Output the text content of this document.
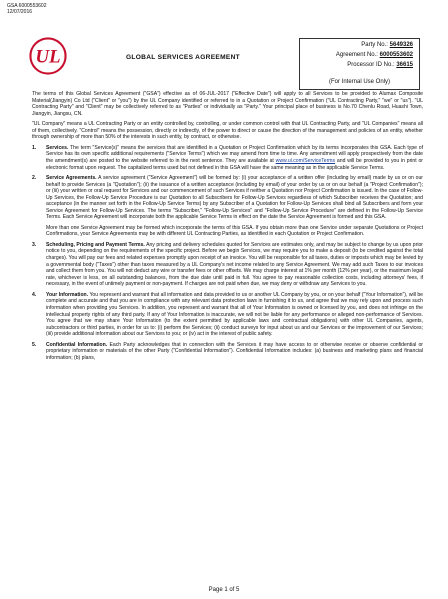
GSA 6000553602
12/07/2016
UL	GLOBAL SERVICES AGREEMENT
Party No.: 5649326
Agreement No.: 6000553602
Processor ID No.: 36615
(For Internal Use Only)

The terms of this Global Services Agreement ("GSA") effective as of 06-JUL-2017 ("Effective Date") will apply to all Services to be provided to Alumax Composite Material(Jiangyin) Co Ltd ("Client" or "you") by the UL Company identified or referred to in a Quotation or Project Confirmation ("UL Contracting Party," "we" or "us"). "UL Contracting Party" and "Client" may be collectively referred to as "Parties" or individually as "Party." Your principal place of business is No.70 Chenlu Road, Huashi Town, Jiangyin, Jiangsu, CN.

"UL Company" means a UL Contracting Party or an entity controlled by, controlling, or under common control with that UL Contracting Party, and "UL Companies" means all of them, collectively. "Control" means the possession, directly or indirectly, of the power to direct or cause the direction of the management and policies of an entity, whether through ownership of more than 50% of the interests in such entity, by contract, or otherwise.

1. Services. The term "Service(s)" means the services that are identified in a Quotation or Project Confirmation which by its terms incorporates this GSA. Each type of Service has its own specific additional requirements ("Service Terms") which we may amend from time to time. Any amendment will apply prospectively from the date the amendment(s) are posted to the website referred to in the next sentence. They are available at www.ul.com/ServiceTerms and will be provided to you in print or electronic format upon request. The capitalized terms used but not defined in this GSA will have the same meaning as in the applicable Service Terms.
2. Service Agreements. A service agreement ("Service Agreement") will be formed by: (i) your acceptance of a written offer (including by email) made by us or on our behalf to provide Services (a "Quotation"); (ii) the issuance of a written acceptance (including by email) of your order by us or on our behalf (a "Project Confirmation"); or (iii) your written or oral request for Services and our commencement of such Services if neither a Quotation nor Project Confirmation is issued. In the case of Follow-Up Services, the Follow-Up Service Procedure is our Quotation to all Subscribers for Follow-Up Services regardless of which Subscriber receives the Quotation; and acceptance (in the manner set forth in the Follow-Up Service Terms) by any Subscriber of a Quotation for Follow-Up Services shall bind all Subscribers and form your Service Agreement for Follow-Up Services. The terms "Subscriber," "Follow-Up Services" and "Follow-Up Service Procedure" are defined in the Follow-Up Service Terms. Each Service Agreement will incorporate both the applicable Service Terms in effect on the date the Service Agreement is formed and this GSA.
More than one Service Agreement may be formed which incorporate the terms of this GSA. If you obtain more than one Service under separate Quotations or Project Confirmations, your Service Agreements may be with different UL Contracting Parties, as identified in each Quotation or Project Confirmation.
3. Scheduling, Pricing and Payment Terms. Any pricing and delivery schedules quoted for Services are estimates only, and may be subject to change by us upon prior notice to you, depending on the requirements of the specific project. Before we begin Services, we may require you to make a deposit (to be credited against the total charges). You will pay our fees and related expenses promptly upon receipt of an invoice. You will be responsible for all taxes, duties or imposts which may be levied by a governmental body ("Taxes") other than taxes measured by a UL Company's net income related to any Service Agreement. We may add such Taxes to our invoices and collect them from you. You will not deduct any wire or transfer fees or other offsets. We may charge interest at 1% per month (12% per year), or the maximum legal rate, whichever is less, on all outstanding balances, from the due date until paid in full. You agree to pay reasonable collection costs, including attorneys' fees, if necessary, in the event of untimely payment or non-payment. If charges are not paid when due, we may deny or withdraw any Services to you.
4. Your Information. You represent and warrant that all information and data provided to us or another UL Company by you, or on your behalf ("Your Information"), will be complete and accurate and that you are in compliance with any relevant data protection laws in furnishing it to us, and agree that we may rely upon and process such information when providing you Services. In addition, you represent and warrant that all of Your Information is owned or licensed by you, and does not infringe on the intellectual property rights of any third party. If any of Your Information is inaccurate, we will not be liable for any performance or alleged non-performance of Services. You agree that we may share Your Information (to the extent permitted by applicable laws and contractual obligations) with other UL Companies, agents, subcontractors or third parties, in order for us to: (i) perform the Services; (ii) conduct surveys for input about us and our Services or the improvement of our Services; (iii) provide additional information about our Services to you; or (iv) act in the interest of public safety.
5. Confidential Information. Each Party acknowledges that in connection with the Services it may have access to or otherwise receive or observe confidential or proprietary information or materials of the other Party ("Confidential Information"). Confidential Information includes: (a) business and marketing plans and financial information; (b) plans,
Page 1 of 5
